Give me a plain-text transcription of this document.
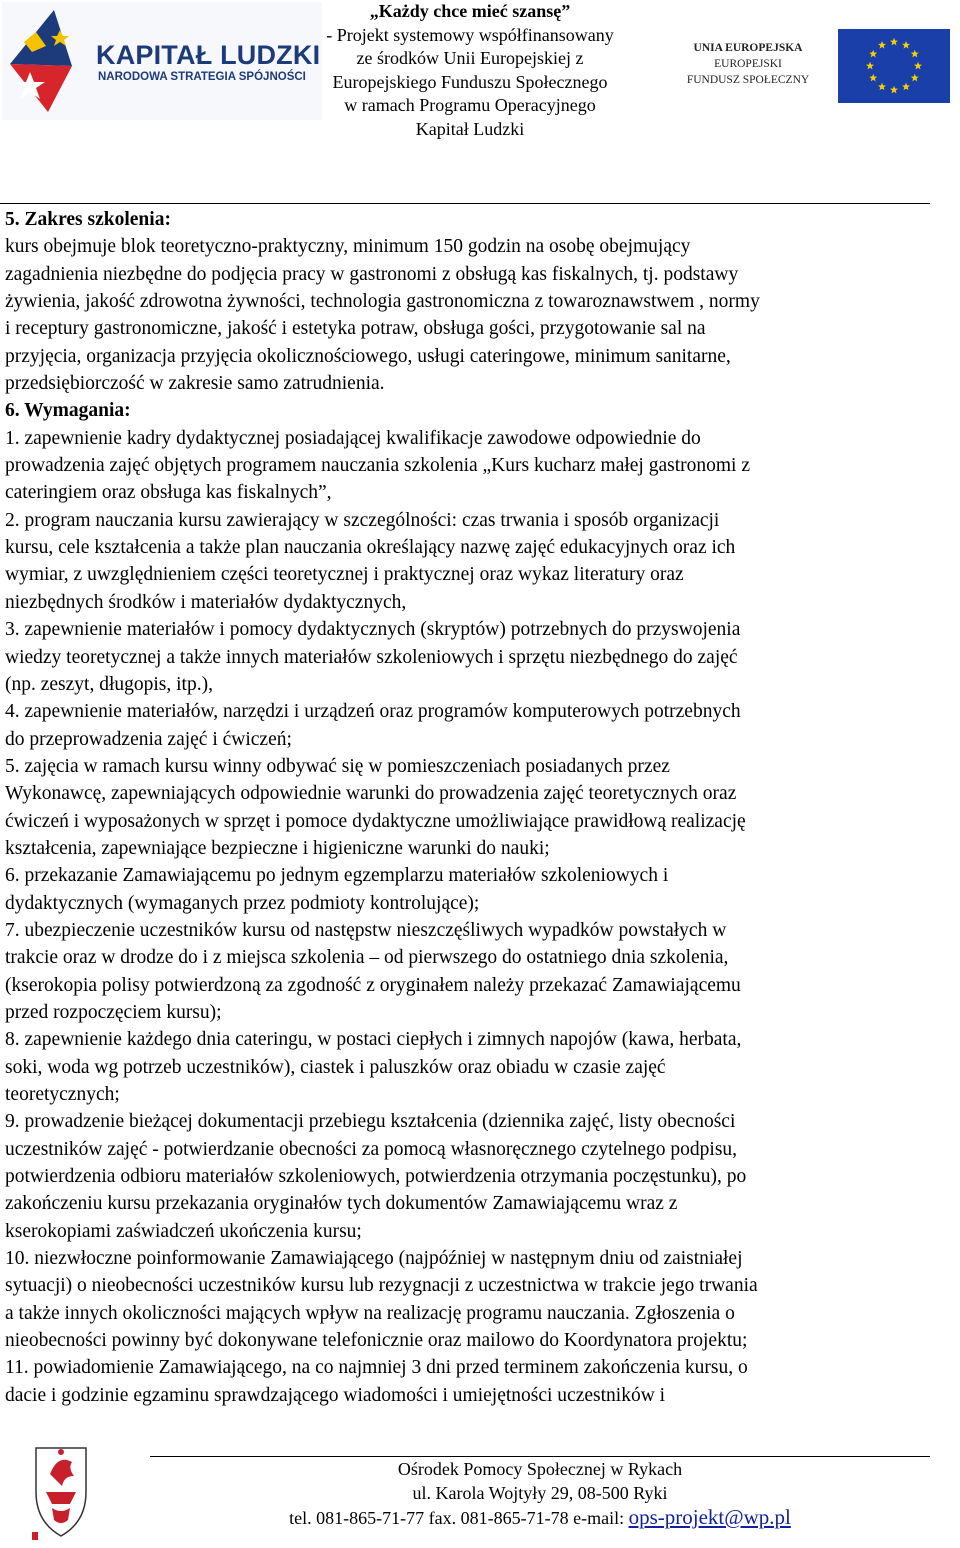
KAPITAŁ LUDZKI
NARODOWA STRATEGIA SPÓJNOŚCI
„Każdy chce mieć szansę”
- Projekt systemowy współfinansowany
ze środków Unii Europejskiej z
Europejskiego Funduszu Społecznego
w ramach Programu Operacyjnego
Kapitał Ludzki
UNIA EUROPEJSKA
EUROPEJSKI
FUNDUSZ SPOŁECZNY

5. Zakres szkolenia:

kurs obejmuje blok teoretyczno-praktyczny, minimum 150 godzin na osobę obejmujący

zagadnienia niezbędne do podjęcia pracy w gastronomi z obsługą kas fiskalnych, tj. podstawy

żywienia, jakość zdrowotna żywności, technologia gastronomiczna z towaroznawstwem , normy

i receptury gastronomiczne, jakość i estetyka potraw, obsługa gości, przygotowanie sal na

przyjęcia, organizacja przyjęcia okolicznościowego, usługi cateringowe, minimum sanitarne,

przedsiębiorczość w zakresie samo zatrudnienia.

6. Wymagania:

1. zapewnienie kadry dydaktycznej posiadającej kwalifikacje zawodowe odpowiednie do

prowadzenia zajęć objętych programem nauczania szkolenia „Kurs kucharz małej gastronomi z

cateringiem oraz obsługa kas fiskalnych”,

2. program nauczania kursu zawierający w szczególności: czas trwania i sposób organizacji

kursu, cele kształcenia a także plan nauczania określający nazwę zajęć edukacyjnych oraz ich

wymiar, z uwzględnieniem części teoretycznej i praktycznej oraz wykaz literatury oraz

niezbędnych środków i materiałów dydaktycznych,

3. zapewnienie materiałów i pomocy dydaktycznych (skryptów) potrzebnych do przyswojenia

wiedzy teoretycznej a także innych materiałów szkoleniowych i sprzętu niezbędnego do zajęć

(np. zeszyt, długopis, itp.),

4. zapewnienie materiałów, narzędzi i urządzeń oraz programów komputerowych potrzebnych

do przeprowadzenia zajęć i ćwiczeń;

5. zajęcia w ramach kursu winny odbywać się w pomieszczeniach posiadanych przez

Wykonawcę, zapewniających odpowiednie warunki do prowadzenia zajęć teoretycznych oraz

ćwiczeń i wyposażonych w sprzęt i pomoce dydaktyczne umożliwiające prawidłową realizację

kształcenia, zapewniające bezpieczne i higieniczne warunki do nauki;

6. przekazanie Zamawiającemu po jednym egzemplarzu materiałów szkoleniowych i

dydaktycznych (wymaganych przez podmioty kontrolujące);

7. ubezpieczenie uczestników kursu od następstw nieszczęśliwych wypadków powstałych w

trakcie oraz w drodze do i z miejsca szkolenia – od pierwszego do ostatniego dnia szkolenia,

(kserokopia polisy potwierdzoną za zgodność z oryginałem należy przekazać Zamawiającemu

przed rozpoczęciem kursu);

8. zapewnienie każdego dnia cateringu, w postaci ciepłych i zimnych napojów (kawa, herbata,

soki, woda wg potrzeb uczestników), ciastek i paluszków oraz obiadu w czasie zajęć

teoretycznych;

9. prowadzenie bieżącej dokumentacji przebiegu kształcenia (dziennika zajęć, listy obecności

uczestników zajęć - potwierdzanie obecności za pomocą własnoręcznego czytelnego podpisu,

potwierdzenia odbioru materiałów szkoleniowych, potwierdzenia otrzymania poczęstunku), po

zakończeniu kursu przekazania oryginałów tych dokumentów Zamawiającemu wraz z

kserokopiami zaświadczeń ukończenia kursu;

10. niezwłoczne poinformowanie Zamawiającego (najpóźniej w następnym dniu od zaistniałej

sytuacji) o nieobecności uczestników kursu lub rezygnacji z uczestnictwa w trakcie jego trwania

a także innych okoliczności mających wpływ na realizację programu nauczania. Zgłoszenia o

nieobecności powinny być dokonywane telefonicznie oraz mailowo do Koordynatora projektu;

11. powiadomienie Zamawiającego, na co najmniej 3 dni przed terminem zakończenia kursu, o

dacie i godzinie egzaminu sprawdzającego wiadomości i umiejętności uczestników i

Ośrodek Pomocy Społecznej w Rykach
ul. Karola Wojtyły 29, 08-500 Ryki
tel. 081-865-71-77 fax. 081-865-71-78 e-mail: ops-projekt@wp.pl
